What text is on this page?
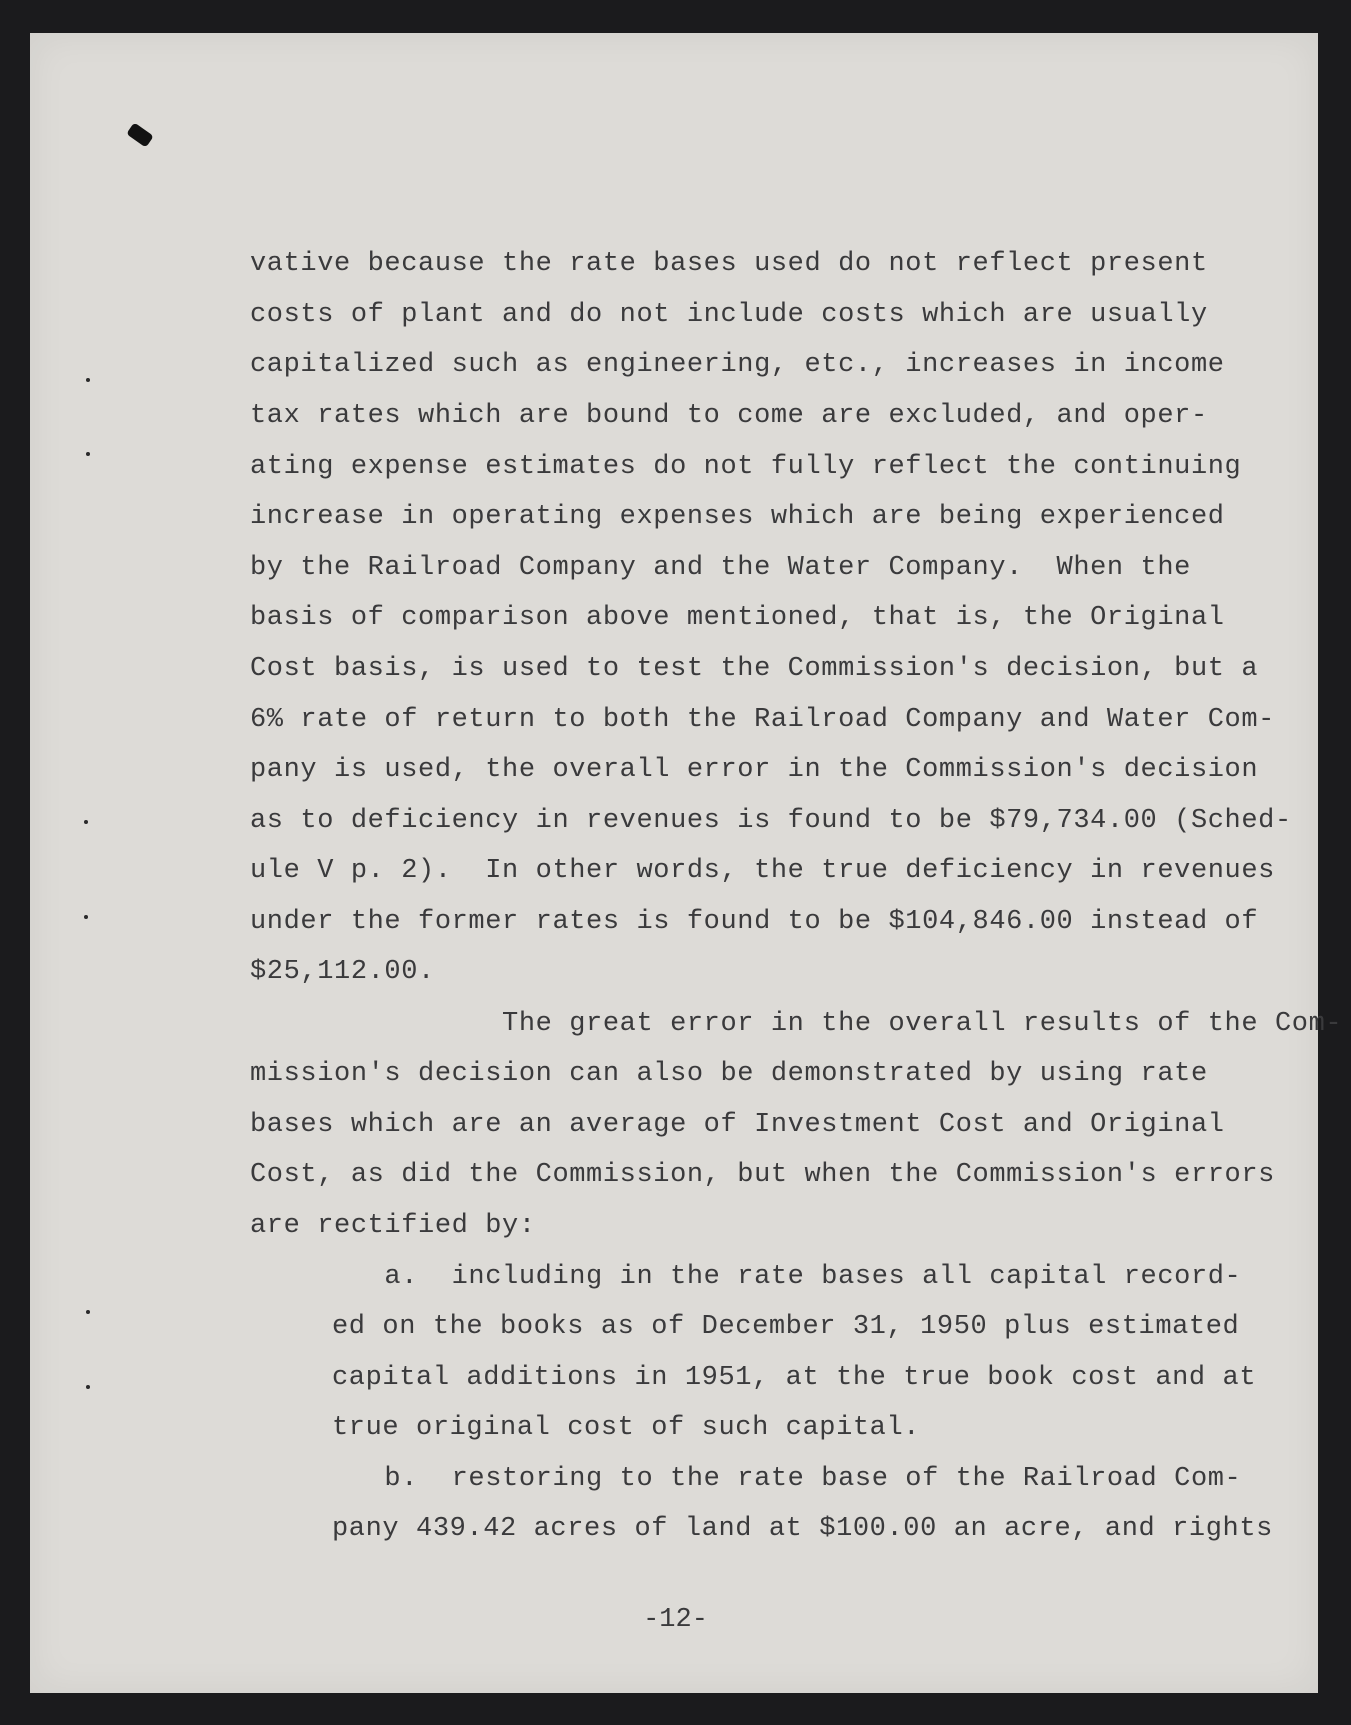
vative because the rate bases used do not reflect present

costs of plant and do not include costs which are usually

capitalized such as engineering, etc., increases in income

tax rates which are bound to come are excluded, and oper-

ating expense estimates do not fully reflect the continuing

increase in operating expenses which are being experienced

by the Railroad Company and the Water Company.  When the

basis of comparison above mentioned, that is, the Original

Cost basis, is used to test the Commission's decision, but a

6% rate of return to both the Railroad Company and Water Com-

pany is used, the overall error in the Commission's decision

as to deficiency in revenues is found to be $79,734.00 (Sched-

ule V p. 2).  In other words, the true deficiency in revenues

under the former rates is found to be $104,846.00 instead of

$25,112.00.

The great error in the overall results of the Com-

mission's decision can also be demonstrated by using rate

bases which are an average of Investment Cost and Original

Cost, as did the Commission, but when the Commission's errors

are rectified by:

a.  including in the rate bases all capital record-

ed on the books as of December 31, 1950 plus estimated

capital additions in 1951, at the true book cost and at

true original cost of such capital.

b.  restoring to the rate base of the Railroad Com-

pany 439.42 acres of land at $100.00 an acre, and rights

-12-
